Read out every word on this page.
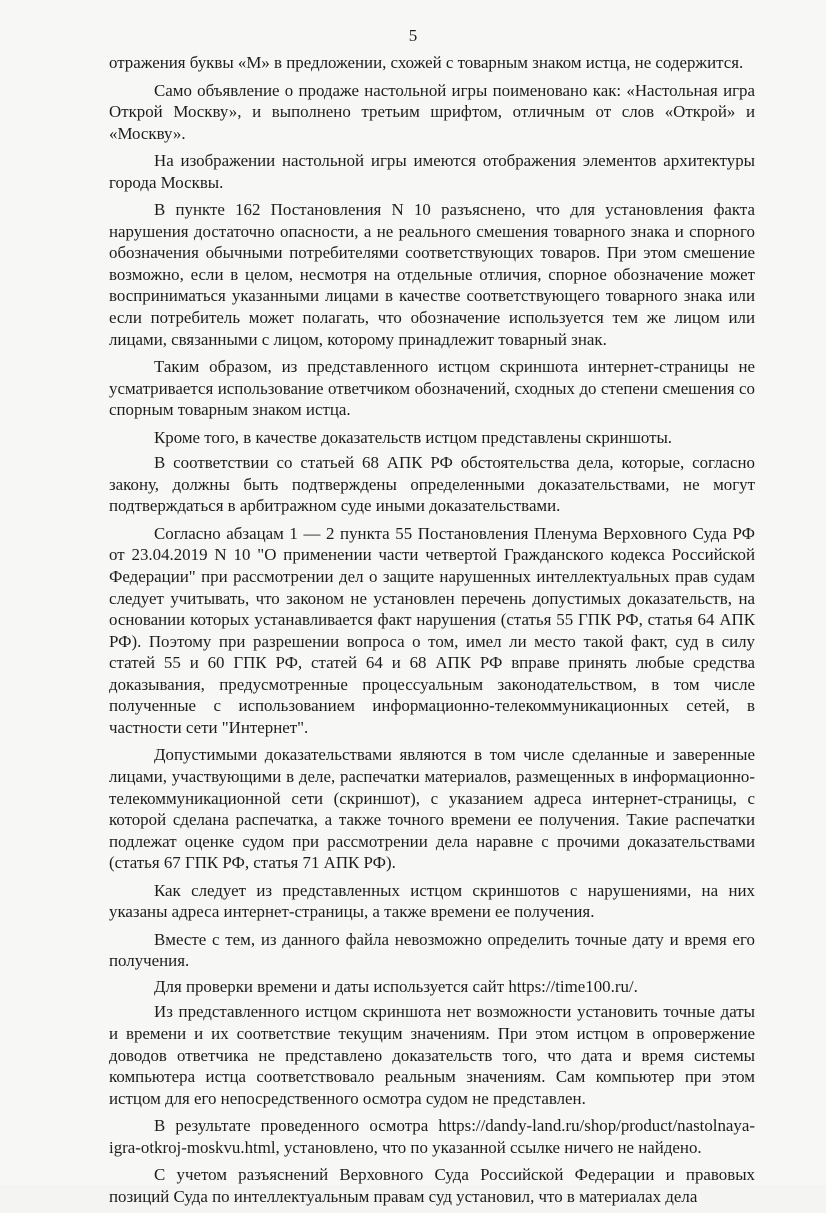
5

отражения буквы «М» в предложении, схожей с товарным знаком истца, не содержится.

Само объявление о продаже настольной игры поименовано как: «Настольная игра Открой Москву», и выполнено третьим шрифтом, отличным от слов «Открой» и «Москву».

На изображении настольной игры имеются отображения элементов архитектуры города Москвы.

В пункте 162 Постановления N 10 разъяснено, что для установления факта нарушения достаточно опасности, а не реального смешения товарного знака и спорного обозначения обычными потребителями соответствующих товаров. При этом смешение возможно, если в целом, несмотря на отдельные отличия, спорное обозначение может восприниматься указанными лицами в качестве соответствующего товарного знака или если потребитель может полагать, что обозначение используется тем же лицом или лицами, связанными с лицом, которому принадлежит товарный знак.

Таким образом, из представленного истцом скриншота интернет-страницы не усматривается использование ответчиком обозначений, сходных до степени смешения со спорным товарным знаком истца.

Кроме того, в качестве доказательств истцом представлены скриншоты.

В соответствии со статьей 68 АПК РФ обстоятельства дела, которые, согласно закону, должны быть подтверждены определенными доказательствами, не могут подтверждаться в арбитражном суде иными доказательствами.

Согласно абзацам 1 — 2 пункта 55 Постановления Пленума Верховного Суда РФ от 23.04.2019 N 10 "О применении части четвертой Гражданского кодекса Российской Федерации" при рассмотрении дел о защите нарушенных интеллектуальных прав судам следует учитывать, что законом не установлен перечень допустимых доказательств, на основании которых устанавливается факт нарушения (статья 55 ГПК РФ, статья 64 АПК РФ). Поэтому при разрешении вопроса о том, имел ли место такой факт, суд в силу статей 55 и 60 ГПК РФ, статей 64 и 68 АПК РФ вправе принять любые средства доказывания, предусмотренные процессуальным законодательством, в том числе полученные с использованием информационно-телекоммуникационных сетей, в частности сети "Интернет".

Допустимыми доказательствами являются в том числе сделанные и заверенные лицами, участвующими в деле, распечатки материалов, размещенных в информационно- телекоммуникационной сети (скриншот), с указанием адреса интернет-страницы, с которой сделана распечатка, а также точного времени ее получения. Такие распечатки подлежат оценке судом при рассмотрении дела наравне с прочими доказательствами (статья 67 ГПК РФ, статья 71 АПК РФ).

Как следует из представленных истцом скриншотов с нарушениями, на них указаны адреса интернет-страницы, а также времени ее получения.

Вместе с тем, из данного файла невозможно определить точные дату и время его получения.

Для проверки времени и даты используется сайт https://time100.ru/.

Из представленного истцом скриншота нет возможности установить точные даты и времени и их соответствие текущим значениям. При этом истцом в опровержение доводов ответчика не представлено доказательств того, что дата и время системы компьютера истца соответствовало реальным значениям. Сам компьютер при этом истцом для его непосредственного осмотра судом не представлен.

В результате проведенного осмотра https://dandy-land.ru/shop/product/nastolnaya-igra-otkroj-moskvu.html, установлено, что по указанной ссылке ничего не найдено.

С учетом разъяснений Верховного Суда Российской Федерации и правовых позиций Суда по интеллектуальным правам суд установил, что в материалах дела
